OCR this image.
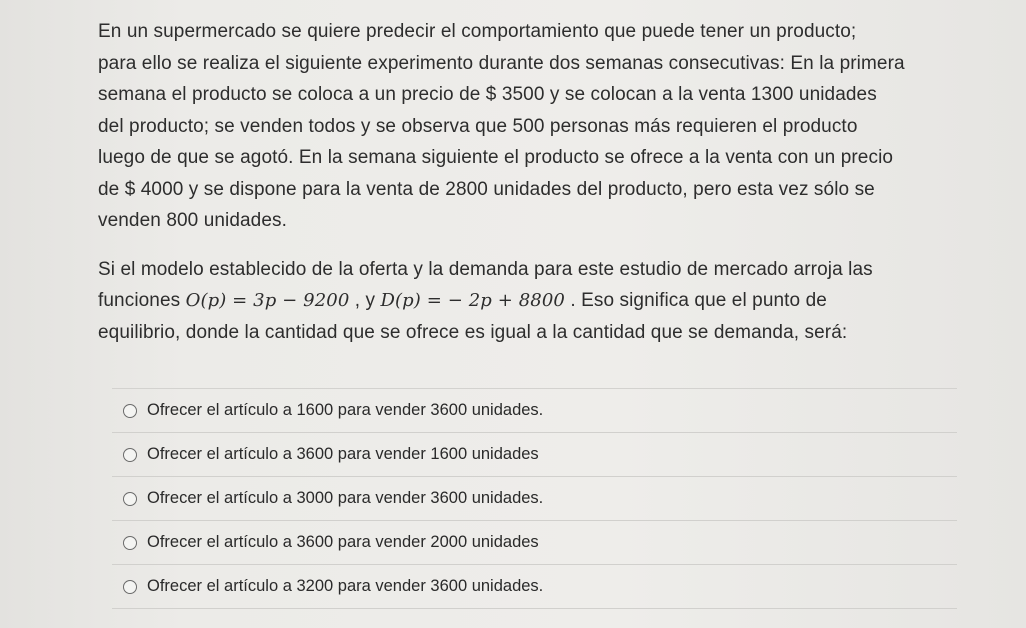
En un supermercado se quiere predecir el comportamiento que puede tener un producto;
para ello se realiza el siguiente experimento durante dos semanas consecutivas: En la primera
semana el producto se coloca a un precio de $ 3500 y se colocan a la venta 1300 unidades
del producto; se venden todos y se observa que 500 personas más requieren el producto
luego de que se agotó. En la semana siguiente el producto se ofrece a la venta con un precio
de $ 4000 y se dispone para la venta de 2800 unidades del producto, pero esta vez sólo se
venden 800 unidades.

Si el modelo establecido de la oferta y la demanda para este estudio de mercado arroja las
funciones O(p) = 3p − 9200 , y D(p) = − 2p + 8800 . Eso significa que el punto de
equilibrio, donde la cantidad que se ofrece es igual a la cantidad que se demanda, será:

Ofrecer el artículo a 1600 para vender 3600 unidades.
Ofrecer el artículo a 3600 para vender 1600 unidades
Ofrecer el artículo a 3000 para vender 3600 unidades.
Ofrecer el artículo a 3600 para vender 2000 unidades
Ofrecer el artículo a 3200 para vender 3600 unidades.
